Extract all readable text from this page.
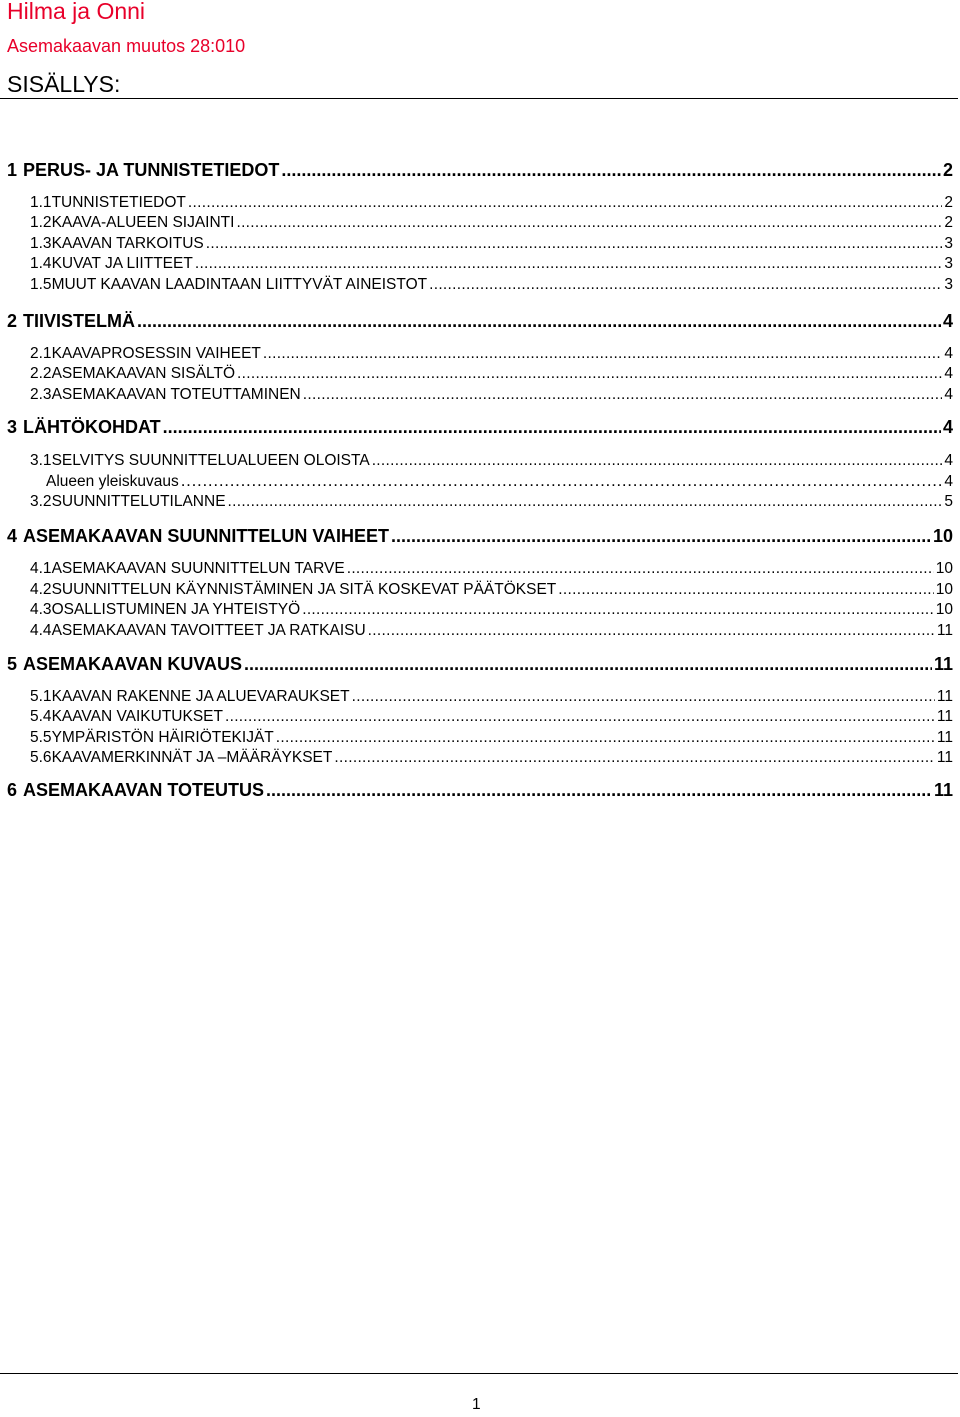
Hilma ja Onni
Asemakaavan muutos 28:010
SISÄLLYS:
1 PERUS- JA TUNNISTETIEDOT . . .	2
1.1TUNNISTETIEDOT . . .	2
1.2KAAVA-ALUEEN SIJAINTI . . .	2
1.3KAAVAN TARKOITUS . . .	3
1.4KUVAT JA LIITTEET . . .	3
1.5MUUT KAAVAN LAADINTAAN LIITTYVÄT AINEISTOT . . .	3
2 TIIVISTELMÄ . . .	4
2.1KAAVAPROSESSIN VAIHEET . . .	4
2.2ASEMAKAAVAN SISÄLTÖ . . .	4
2.3ASEMAKAAVAN TOTEUTTAMINEN . . .	4
3 LÄHTÖKOHDAT . . .	4
3.1SELVITYS SUUNNITTELUALUEEN OLOISTA . . .	4
Alueen yleiskuvaus . . .	4
3.2SUUNNITTELUTILANNE . . .	5
4 ASEMAKAAVAN SUUNNITTELUN VAIHEET . . .	10
4.1ASEMAKAAVAN SUUNNITTELUN TARVE . . .	10
4.2SUUNNITTELUN KÄYNNISTÄMINEN JA SITÄ KOSKEVAT PÄÄTÖKSET . . .	10
4.3OSALLISTUMINEN JA YHTEISTYÖ . . .	10
4.4ASEMAKAAVAN TAVOITTEET JA RATKAISU . . .	11
5 ASEMAKAAVAN KUVAUS . . .	11
5.1KAAVAN RAKENNE JA ALUEVARAUKSET . . .	11
5.4KAAVAN VAIKUTUKSET . . .	11
5.5YMPÄRISTÖN HÄIRIÖTEKIJÄT . . .	11
5.6KAAVAMERKINNÄT JA –MÄÄRÄYKSET . . .	11
6 ASEMAKAAVAN TOTEUTUS . . .	11
1
